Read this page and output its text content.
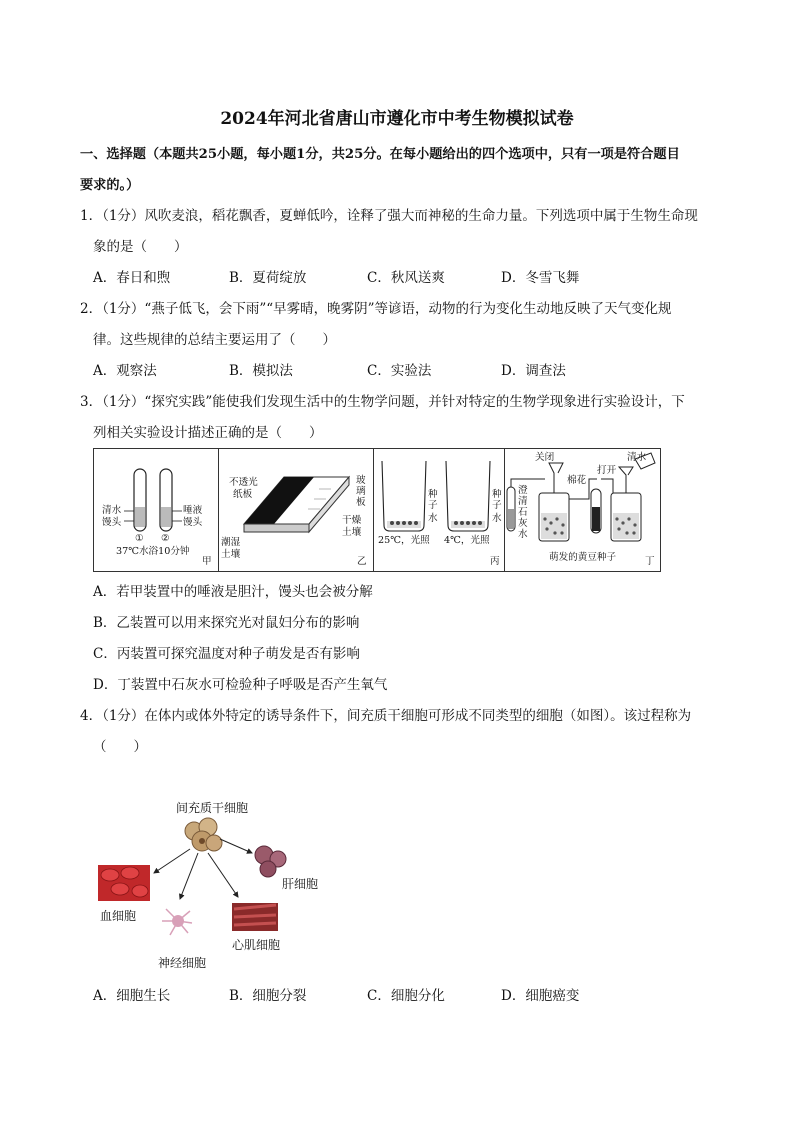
2024年河北省唐山市遵化市中考生物模拟试卷
一、选择题（本题共25小题，每小题1分，共25分。在每小题给出的四个选项中，只有一项是符合题目
要求的。）
1．（1分）风吹麦浪，稻花飘香，夏蝉低吟，诠释了强大而神秘的生命力量。下列选项中属于生物生命现
象的是（　　）
A．春日和煦	B．夏荷绽放	C．秋风送爽	D．冬雪飞舞
2．（1分）“燕子低飞，会下雨”“早雾晴，晚雾阴”等谚语，动物的行为变化生动地反映了天气变化规
律。这些规律的总结主要运用了（　　）
A．观察法	B．模拟法	C．实验法	D．调查法
3．（1分）“探究实践”能使我们发现生活中的生物学问题，并针对特定的生物学现象进行实验设计，下
列相关实验设计描述正确的是（　　）
清水
馒头
唾液
馒头
① ②
37℃水浴10分钟
甲
不透光
纸板
玻
璃
板
干燥
土壤
潮湿
土壤
乙
种
子
水
种
子
水
25℃，光照 4℃，光照
丙
关闭
棉花
打开
清水
澄
清
石
灰
水
萌发的黄豆种子	丁
A．若甲装置中的唾液是胆汁，馒头也会被分解
B．乙装置可以用来探究光对鼠妇分布的影响
C．丙装置可探究温度对种子萌发是否有影响
D．丁装置中石灰水可检验种子呼吸是否产生氧气
4．（1分）在体内或体外特定的诱导条件下，间充质干细胞可形成不同类型的细胞（如图）。该过程称为
（　　）
间充质干细胞
血细胞
肝细胞
神经细胞
心肌细胞
A．细胞生长	B．细胞分裂	C．细胞分化	D．细胞癌变
